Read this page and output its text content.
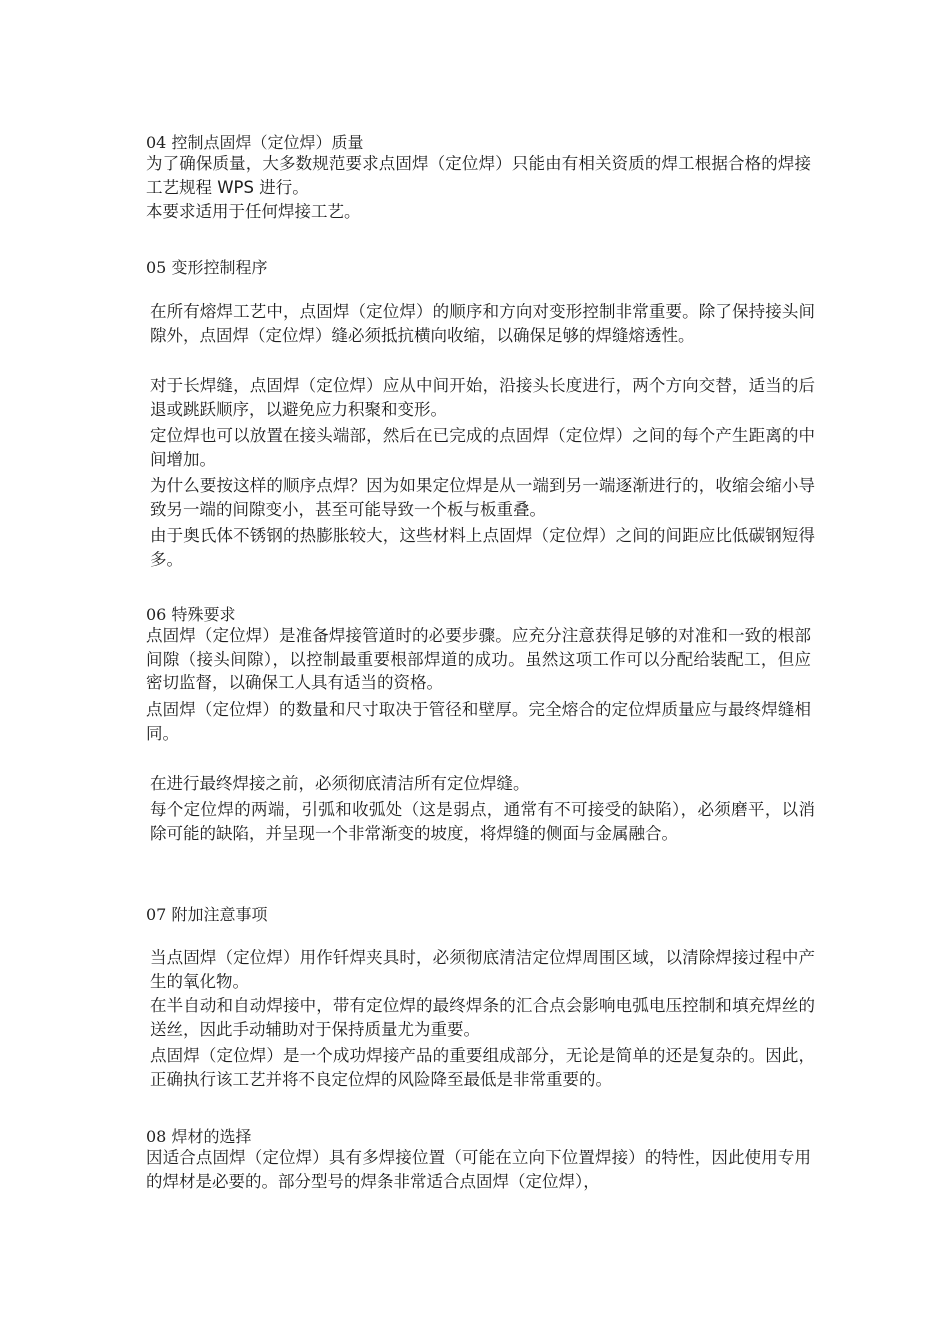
04 控制点固焊（定位焊）质量

为了确保质量，大多数规范要求点固焊（定位焊）只能由有相关资质的焊工根据合格的焊接工艺规程 WPS 进行。

本要求适用于任何焊接工艺。

05 变形控制程序

在所有熔焊工艺中，点固焊（定位焊）的顺序和方向对变形控制非常重要。除了保持接头间隙外，点固焊（定位焊）缝必须抵抗横向收缩，以确保足够的焊缝熔透性。

对于长焊缝，点固焊（定位焊）应从中间开始，沿接头长度进行，两个方向交替，适当的后退或跳跃顺序，以避免应力积聚和变形。

定位焊也可以放置在接头端部，然后在已完成的点固焊（定位焊）之间的每个产生距离的中间增加。

为什么要按这样的顺序点焊？因为如果定位焊是从一端到另一端逐渐进行的，收缩会缩小导致另一端的间隙变小，甚至可能导致一个板与板重叠。

由于奥氏体不锈钢的热膨胀较大，这些材料上点固焊（定位焊）之间的间距应比低碳钢短得多。

06 特殊要求

点固焊（定位焊）是准备焊接管道时的必要步骤。应充分注意获得足够的对准和一致的根部间隙（接头间隙），以控制最重要根部焊道的成功。虽然这项工作可以分配给装配工，但应密切监督，以确保工人具有适当的资格。

点固焊（定位焊）的数量和尺寸取决于管径和壁厚。完全熔合的定位焊质量应与最终焊缝相同。

在进行最终焊接之前，必须彻底清洁所有定位焊缝。

每个定位焊的两端，引弧和收弧处（这是弱点，通常有不可接受的缺陷），必须磨平，以消除可能的缺陷，并呈现一个非常渐变的坡度，将焊缝的侧面与金属融合。

07 附加注意事项

当点固焊（定位焊）用作钎焊夹具时，必须彻底清洁定位焊周围区域，以清除焊接过程中产生的氧化物。

在半自动和自动焊接中，带有定位焊的最终焊条的汇合点会影响电弧电压控制和填充焊丝的送丝，因此手动辅助对于保持质量尤为重要。

点固焊（定位焊）是一个成功焊接产品的重要组成部分，无论是简单的还是复杂的。因此，正确执行该工艺并将不良定位焊的风险降至最低是非常重要的。

08 焊材的选择

因适合点固焊（定位焊）具有多焊接位置（可能在立向下位置焊接）的特性，因此使用专用的焊材是必要的。部分型号的焊条非常适合点固焊（定位焊），
